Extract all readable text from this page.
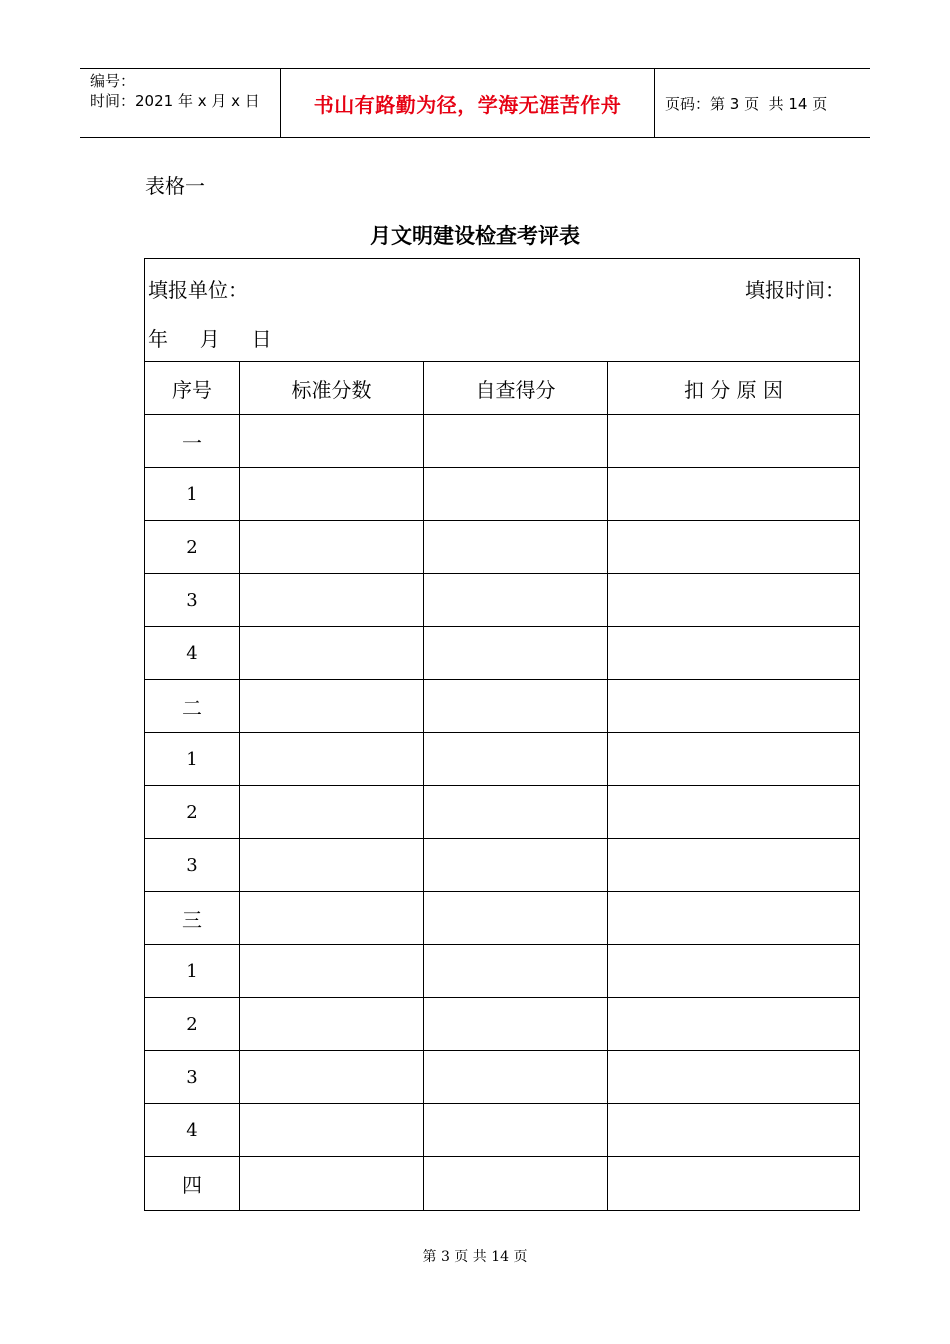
编号：
时间：2021 年 x 月 x 日	书山有路勤为径，学海无涯苦作舟	页码：第 3 页  共 14 页
表格一
月文明建设检查考评表
填报单位：	填报时间：
年     月     日
序号	标准分数	自查得分	扣 分 原 因
一
1
2
3
4
二
1
2
3
三
1
2
3
4
四
第 3 页 共 14 页
